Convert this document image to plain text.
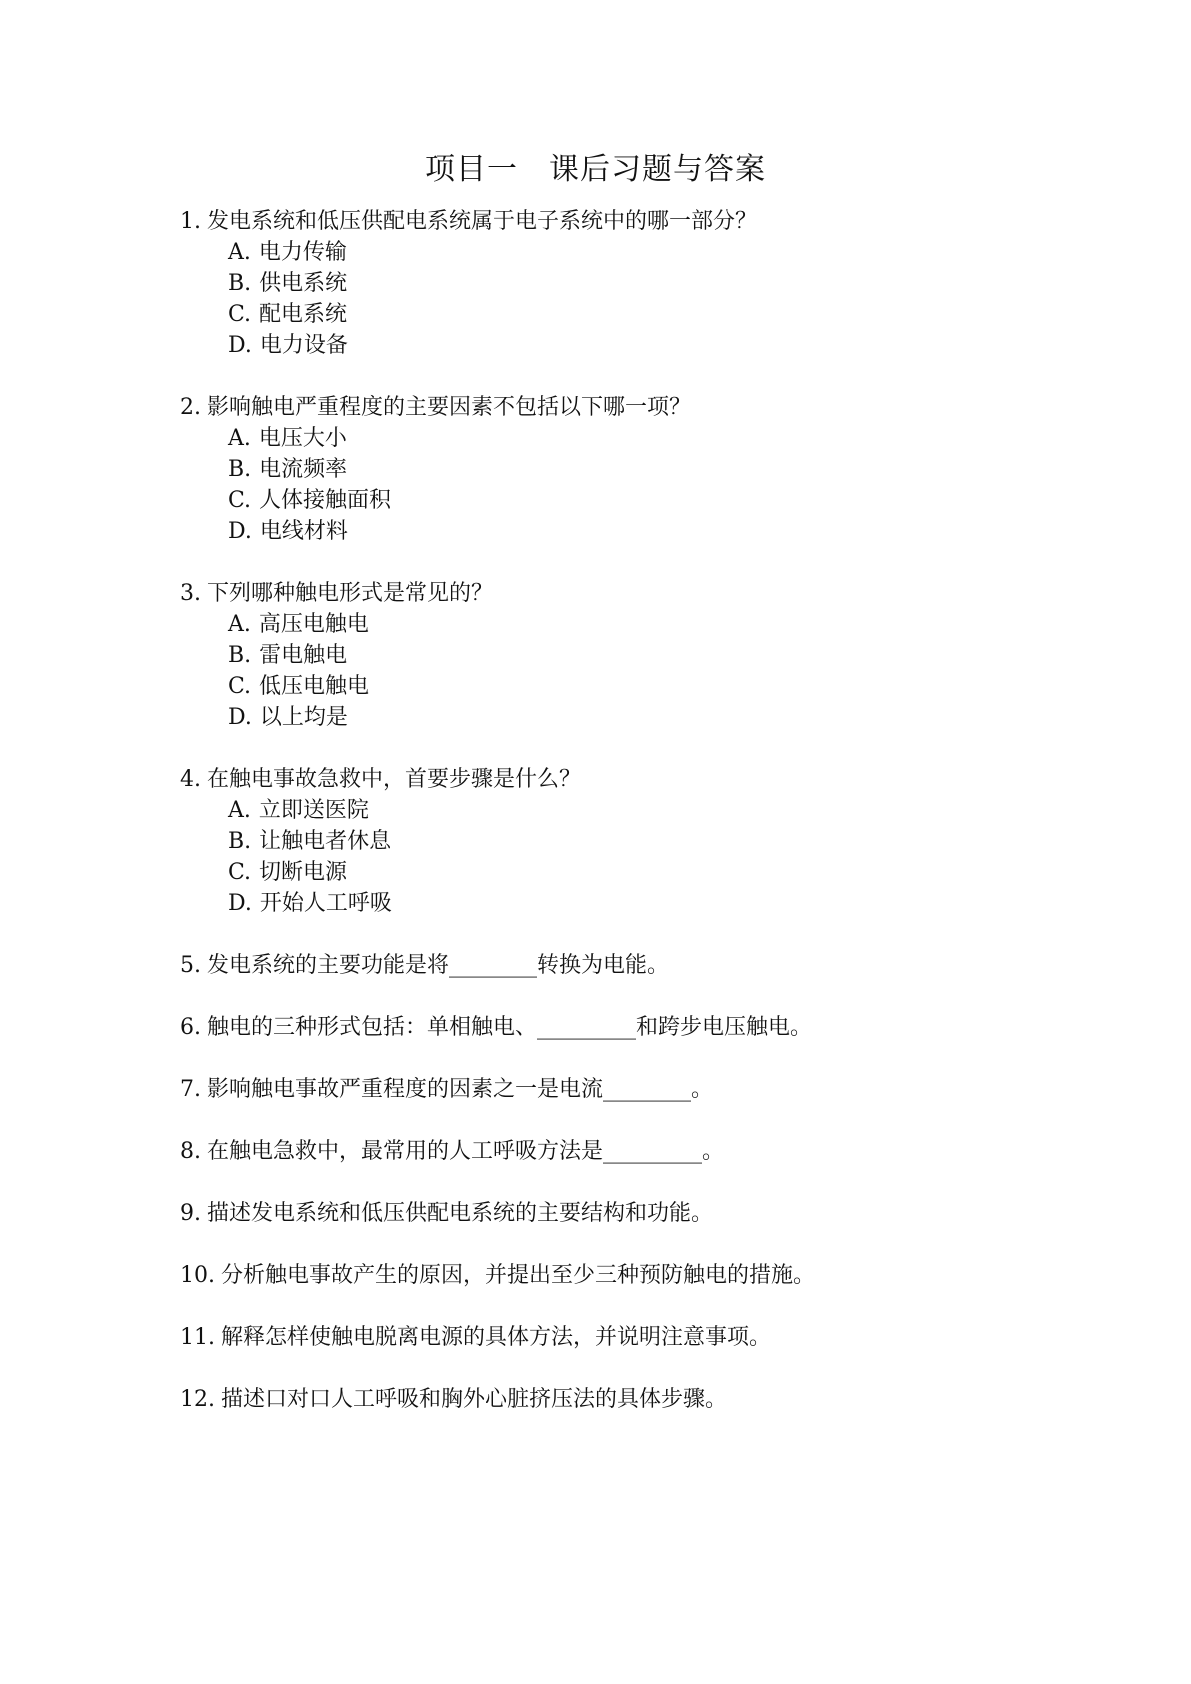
项目一　课后习题与答案
1. 发电系统和低压供配电系统属于电子系统中的哪一部分？
A. 电力传输
B. 供电系统
C. 配电系统
D. 电力设备
2. 影响触电严重程度的主要因素不包括以下哪一项？
A. 电压大小
B. 电流频率
C. 人体接触面积
D. 电线材料
3. 下列哪种触电形式是常见的？
A. 高压电触电
B. 雷电触电
C. 低压电触电
D. 以上均是
4. 在触电事故急救中，首要步骤是什么？
A. 立即送医院
B. 让触电者休息
C. 切断电源
D. 开始人工呼吸
5. 发电系统的主要功能是将________转换为电能。
6. 触电的三种形式包括：单相触电、_________和跨步电压触电。
7. 影响触电事故严重程度的因素之一是电流________。
8. 在触电急救中，最常用的人工呼吸方法是_________。
9. 描述发电系统和低压供配电系统的主要结构和功能。
10. 分析触电事故产生的原因，并提出至少三种预防触电的措施。
11. 解释怎样使触电脱离电源的具体方法，并说明注意事项。
12. 描述口对口人工呼吸和胸外心脏挤压法的具体步骤。
